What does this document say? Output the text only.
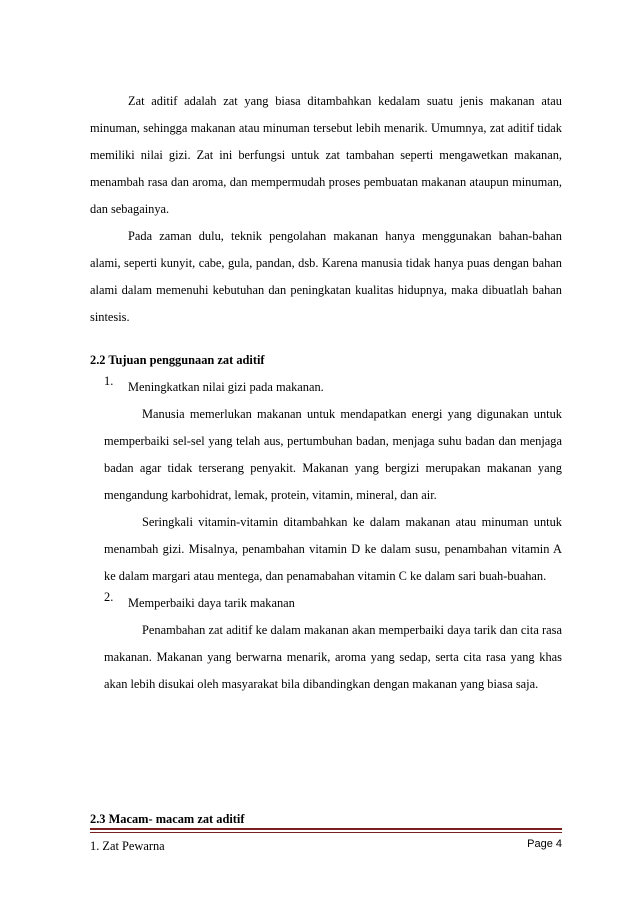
Zat aditif adalah zat yang biasa ditambahkan kedalam suatu jenis makanan atau minuman, sehingga makanan atau minuman tersebut lebih menarik. Umumnya, zat aditif tidak memiliki nilai gizi. Zat ini berfungsi untuk zat tambahan seperti mengawetkan makanan, menambah rasa dan aroma, dan mempermudah proses pembuatan makanan ataupun minuman, dan sebagainya.

Pada zaman dulu, teknik pengolahan makanan hanya menggunakan bahan-bahan alami, seperti kunyit, cabe, gula, pandan, dsb. Karena manusia tidak hanya puas dengan bahan alami dalam memenuhi kebutuhan dan peningkatan kualitas hidupnya, maka dibuatlah bahan sintesis.

2.2 Tujuan penggunaan zat aditif

1.	Meningkatkan nilai gizi pada makanan.

Manusia memerlukan makanan untuk mendapatkan energi yang digunakan untuk memperbaiki sel-sel yang telah aus, pertumbuhan badan, menjaga suhu badan dan menjaga badan agar tidak terserang penyakit. Makanan yang bergizi merupakan makanan yang mengandung karbohidrat, lemak, protein, vitamin, mineral, dan air.

Seringkali vitamin-vitamin ditambahkan ke dalam makanan atau minuman untuk menambah gizi. Misalnya, penambahan vitamin D ke dalam susu, penambahan vitamin A ke dalam margari atau mentega, dan penamabahan vitamin C ke dalam sari buah-buahan.

2.	Memperbaiki daya tarik makanan

Penambahan zat aditif ke dalam makanan akan memperbaiki daya tarik dan cita rasa makanan. Makanan yang berwarna menarik, aroma yang sedap, serta cita rasa yang khas akan lebih disukai oleh masyarakat bila dibandingkan dengan makanan yang biasa saja.

2.3 Macam- macam zat aditif

1. Zat Pewarna	Page 4
